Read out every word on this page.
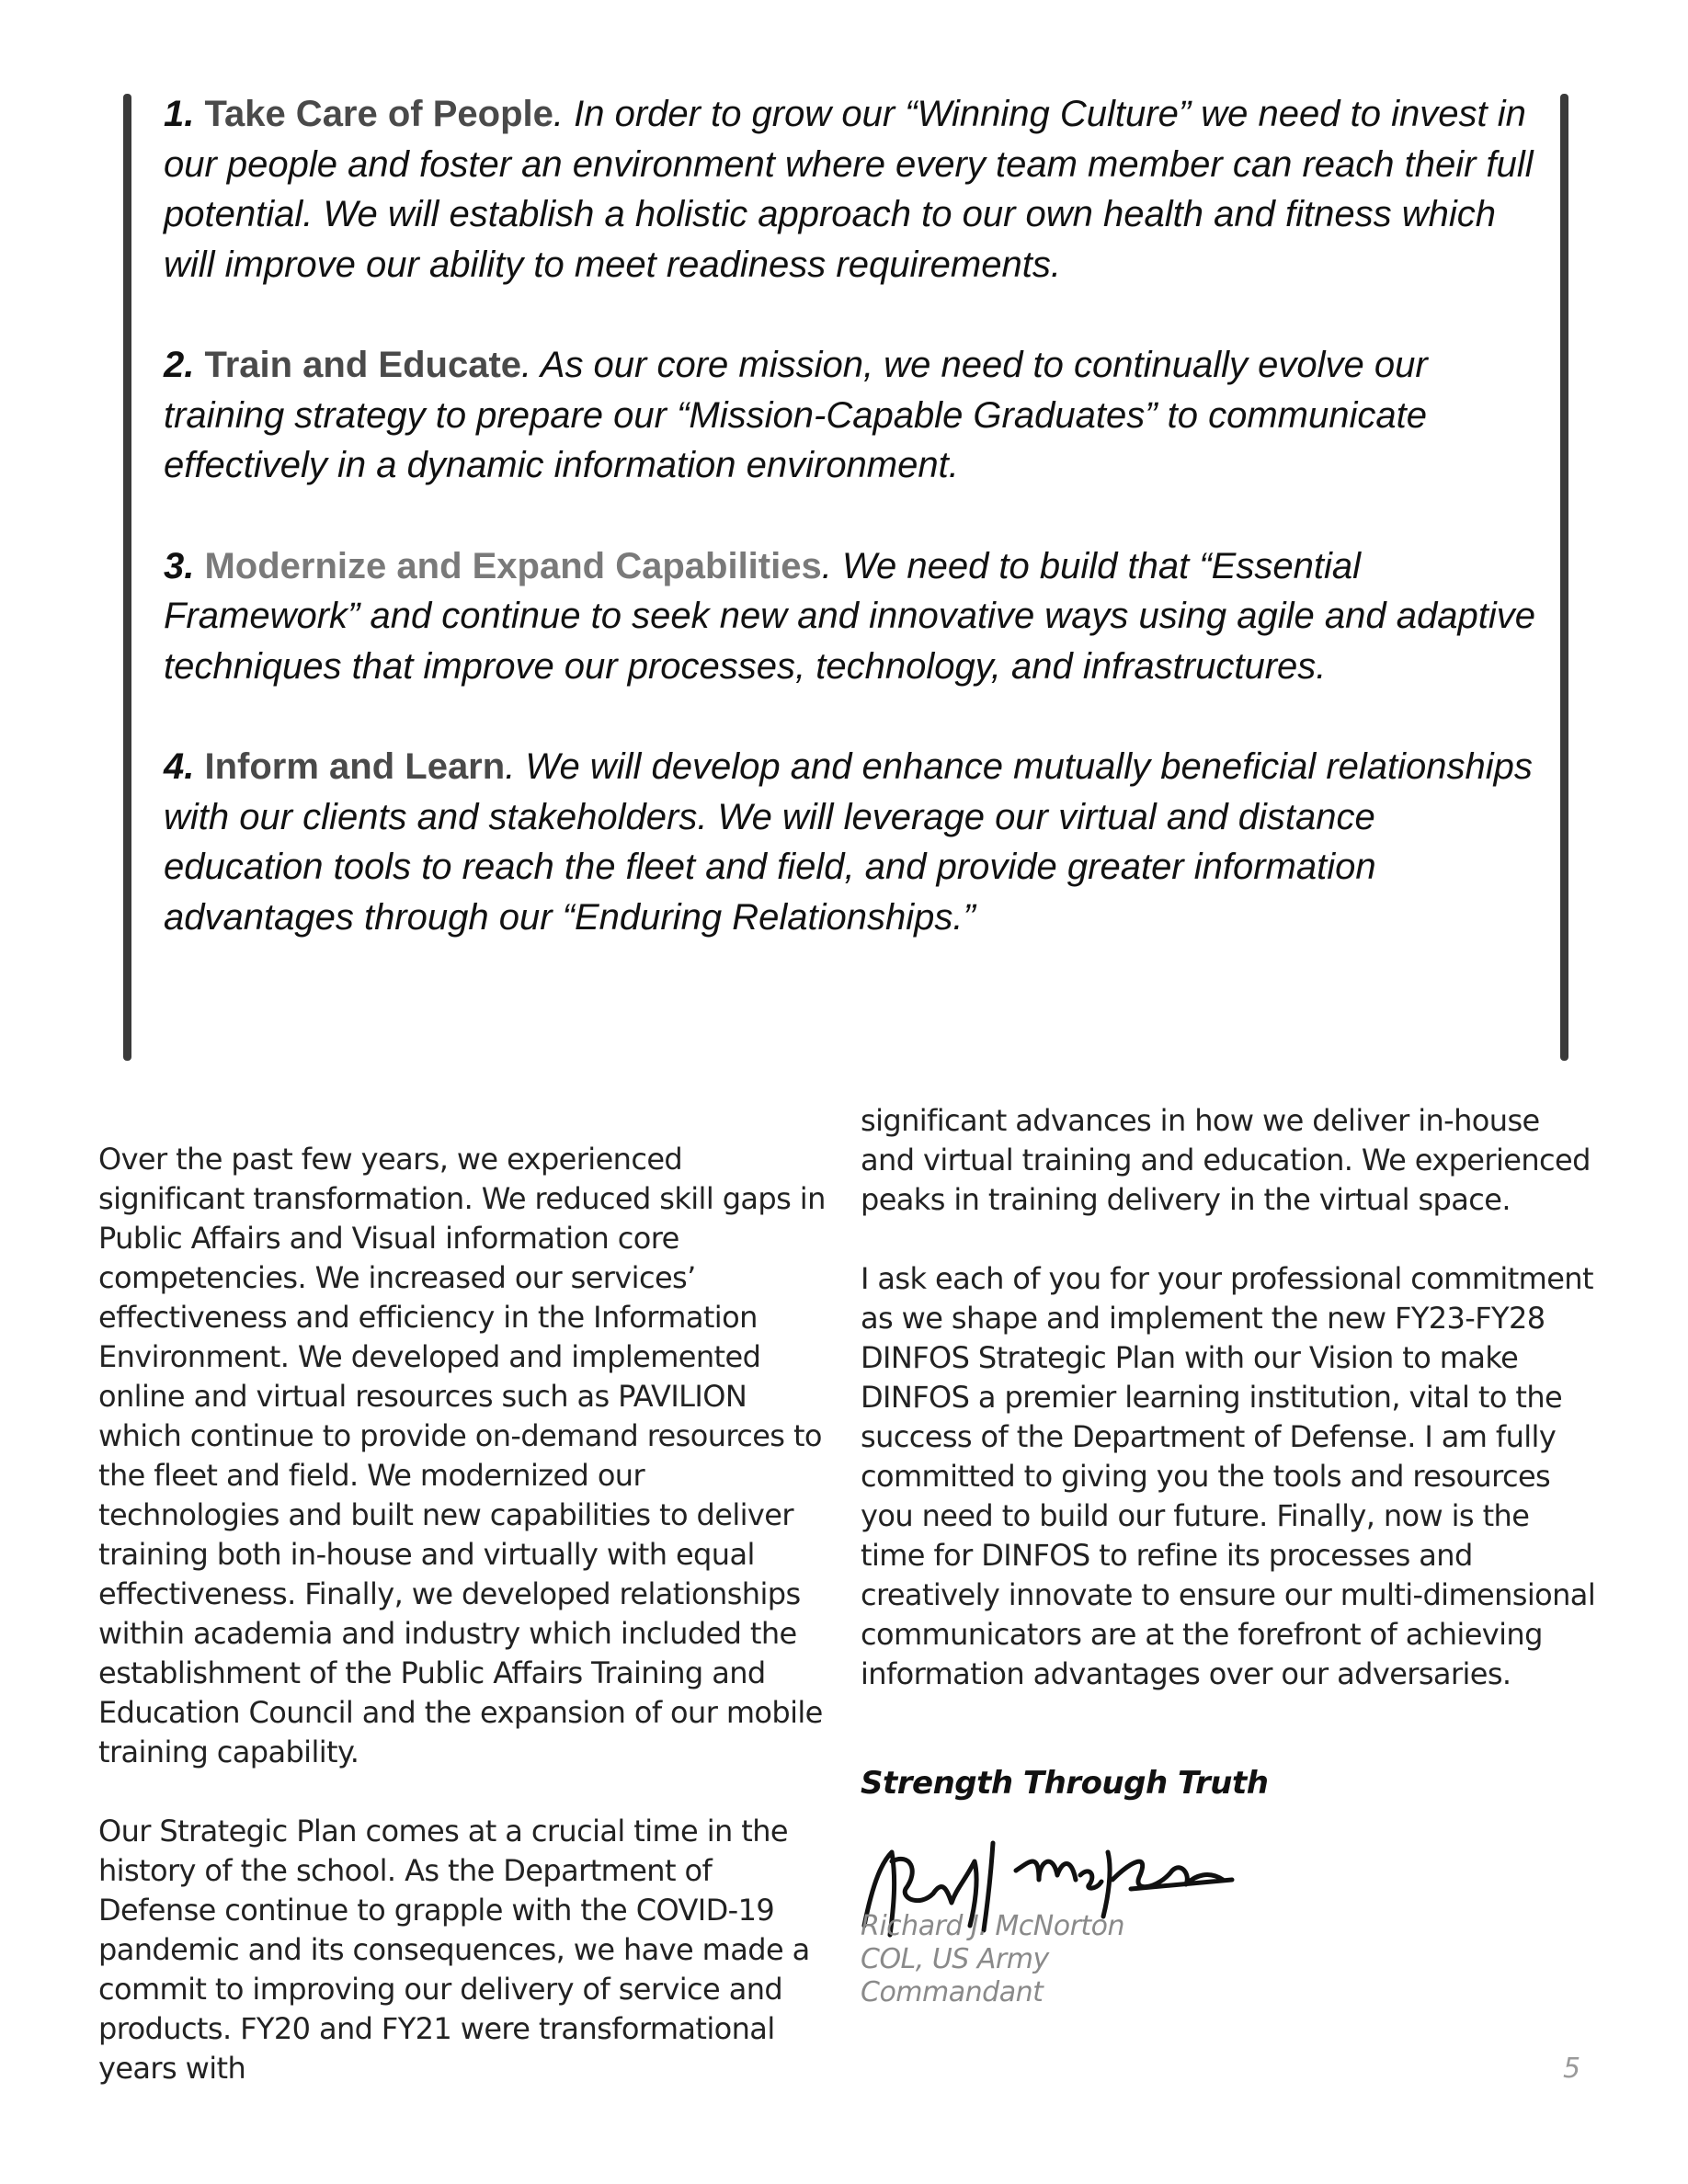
1. Take Care of People. In order to grow our “Winning Culture” we need to invest in our people and foster an environment where every team member can reach their full potential. We will establish a holistic approach to our own health and fitness which will improve our ability to meet readiness requirements.

2. Train and Educate. As our core mission, we need to continually evolve our training strategy to prepare our “Mission-Capable Graduates” to communicate effectively in a dynamic information environment.

3. Modernize and Expand Capabilities. We need to build that “Essential Framework” and continue to seek new and innovative ways using agile and adaptive techniques that improve our processes, technology, and infrastructures.

4. Inform and Learn. We will develop and enhance mutually beneficial relationships with our clients and stakeholders. We will leverage our virtual and distance education tools to reach the fleet and field, and provide greater information advantages through our “Enduring Relationships.”

Over the past few years, we experienced significant transformation. We reduced skill gaps in Public Affairs and Visual information core competencies. We increased our services’ effectiveness and efficiency in the Information Environment. We developed and implemented online and virtual resources such as PAVILION which continue to provide on-demand resources to the fleet and field. We modernized our technologies and built new capabilities to deliver training both in-house and virtually with equal effectiveness. Finally, we developed relationships within academia and industry which included the establishment of the Public Affairs Training and Education Council and the expansion of our mobile training capability.

Our Strategic Plan comes at a crucial time in the history of the school. As the Department of Defense continue to grapple with the COVID-19 pandemic and its consequences, we have made a commit to improving our delivery of service and products. FY20 and FY21 were transformational years with

significant advances in how we deliver in-house and virtual training and education. We experienced peaks in training delivery in the virtual space.

I ask each of you for your professional commitment as we shape and implement the new FY23-FY28 DINFOS Strategic Plan with our Vision to make DINFOS a premier learning institution, vital to the success of the Department of Defense. I am fully committed to giving you the tools and resources you need to build our future. Finally, now is the time for DINFOS to refine its processes and creatively innovate to ensure our multi-dimensional communicators are at the forefront of achieving information advantages over our adversaries.

Strength Through Truth
Richard J. McNorton
COL, US Army
Commandant
5
